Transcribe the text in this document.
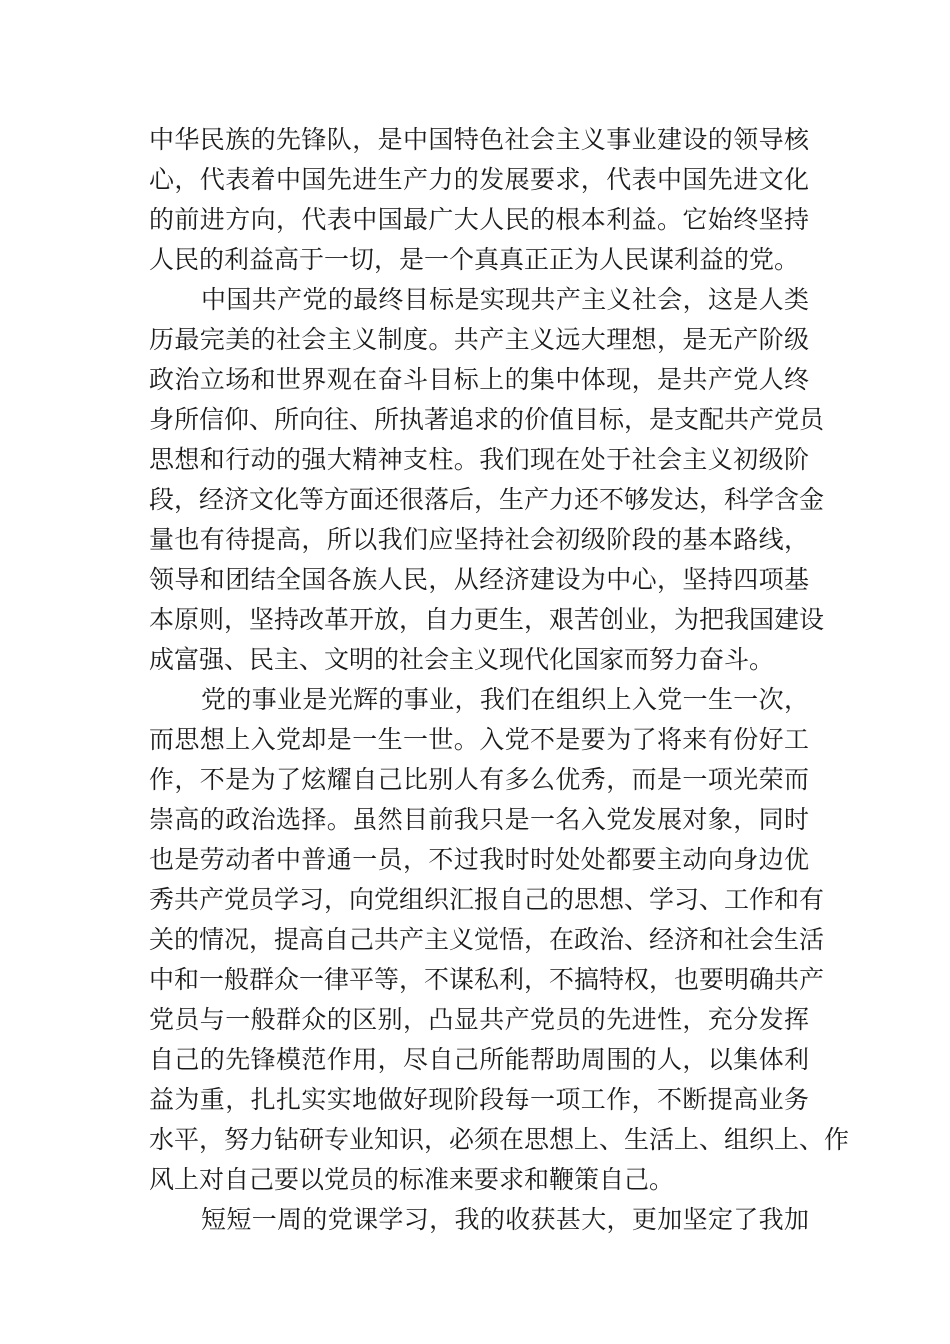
中华民族的先锋队，是中国特色社会主义事业建设的领导核
心，代表着中国先进生产力的发展要求，代表中国先进文化
的前进方向，代表中国最广大人民的根本利益。它始终坚持
人民的利益高于一切，是一个真真正正为人民谋利益的党。
中国共产党的最终目标是实现共产主义社会，这是人类
历最完美的社会主义制度。共产主义远大理想，是无产阶级
政治立场和世界观在奋斗目标上的集中体现，是共产党人终
身所信仰、所向往、所执著追求的价值目标，是支配共产党员
思想和行动的强大精神支柱。我们现在处于社会主义初级阶
段，经济文化等方面还很落后，生产力还不够发达，科学含金
量也有待提高，所以我们应坚持社会初级阶段的基本路线，
领导和团结全国各族人民，从经济建设为中心，坚持四项基
本原则，坚持改革开放，自力更生，艰苦创业，为把我国建设
成富强、民主、文明的社会主义现代化国家而努力奋斗。
党的事业是光辉的事业，我们在组织上入党一生一次，
而思想上入党却是一生一世。入党不是要为了将来有份好工
作，不是为了炫耀自己比别人有多么优秀，而是一项光荣而
崇高的政治选择。虽然目前我只是一名入党发展对象，同时
也是劳动者中普通一员，不过我时时处处都要主动向身边优
秀共产党员学习，向党组织汇报自己的思想、学习、工作和有
关的情况，提高自己共产主义觉悟，在政治、经济和社会生活
中和一般群众一律平等，不谋私利，不搞特权，也要明确共产
党员与一般群众的区别，凸显共产党员的先进性，充分发挥
自己的先锋模范作用，尽自己所能帮助周围的人，以集体利
益为重，扎扎实实地做好现阶段每一项工作，不断提高业务
水平，努力钻研专业知识，必须在思想上、生活上、组织上、作
风上对自己要以党员的标准来要求和鞭策自己。
短短一周的党课学习，我的收获甚大，更加坚定了我加
